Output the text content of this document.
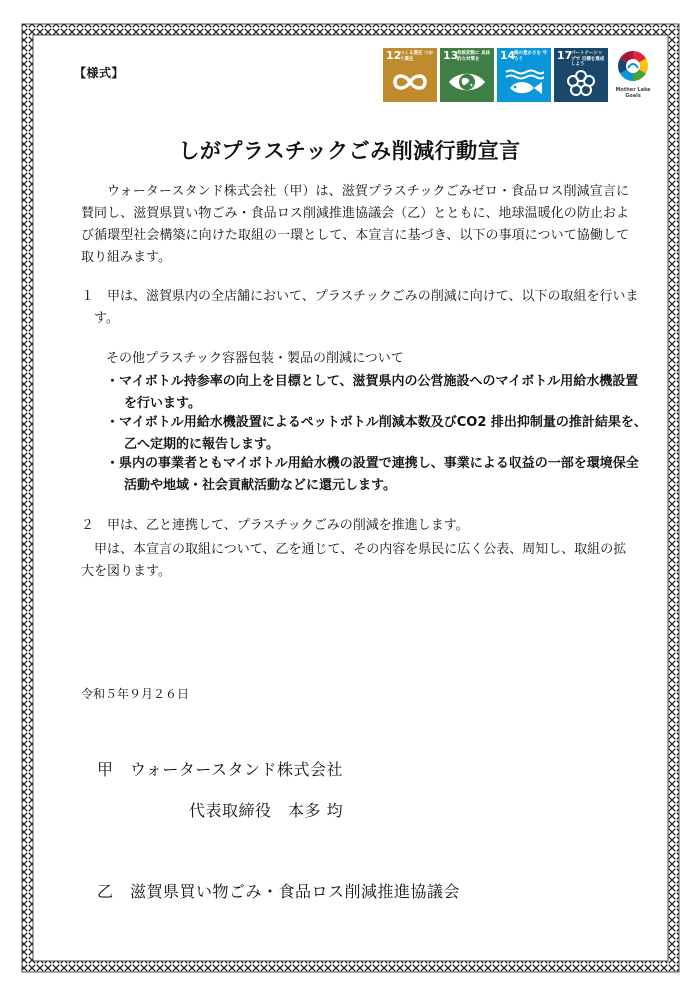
【様式】
12
つくる責任 つかう責任	13
気候変動に 具体的な対策を	14
海の豊かさを 守ろう	17
パートナーシップで 目標を達成しよう
Mother Lake Goals
しがプラスチックごみ削減行動宣言
ウォータースタンド株式会社（甲）は、滋賀プラスチックごみゼロ・食品ロス削減宣言に賛同し、滋賀県買い物ごみ・食品ロス削減推進協議会（乙）とともに、地球温暖化の防止および循環型社会構築に向けた取組の一環として、本宣言に基づき、以下の事項について協働して取り組みます。
１　甲は、滋賀県内の全店舗において、プラスチックごみの削減に向けて、以下の取組を行います。
その他プラスチック容器包装・製品の削減について
・マイボトル持参率の向上を目標として、滋賀県内の公営施設へのマイボトル用給水機設置を行います。
・マイボトル用給水機設置によるペットボトル削減本数及びCO2 排出抑制量の推計結果を、乙へ定期的に報告します。
・県内の事業者ともマイボトル用給水機の設置で連携し、事業による収益の一部を環境保全活動や地域・社会貢献活動などに還元します。
２　甲は、乙と連携して、プラスチックごみの削減を推進します。
甲は、本宣言の取組について、乙を通じて、その内容を県民に広く公表、周知し、取組の拡大を図ります。
令和５年９月２６日
甲　ウォータースタンド株式会社
代表取締役　本多 均
乙　滋賀県買い物ごみ・食品ロス削減推進協議会
